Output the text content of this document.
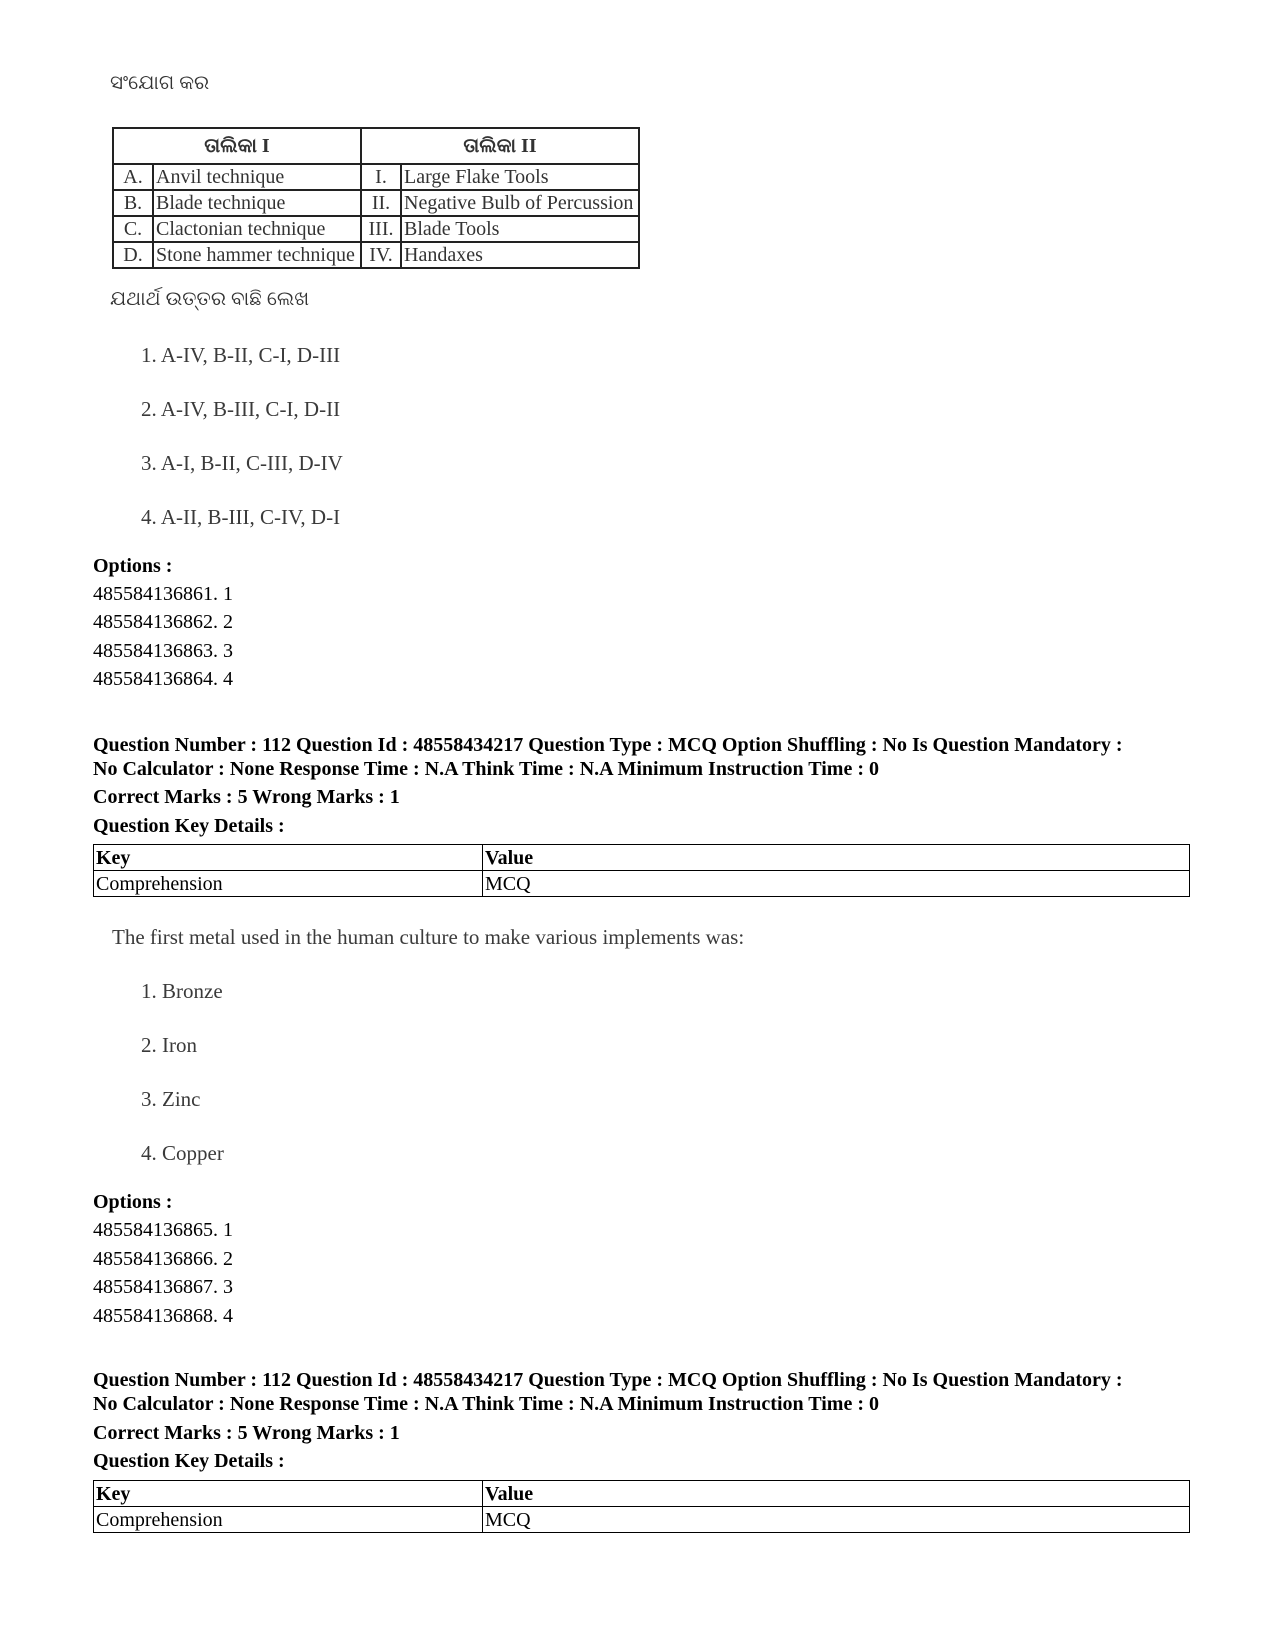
ସଂଯୋଗ କର
ତାଲିକା I		ତାଲିକା II	
A.	Anvil technique	I.	Large Flake Tools
B.	Blade technique	II.	Negative Bulb of Percussion
C.	Clactonian technique	III.	Blade Tools
D.	Stone hammer technique	IV.	Handaxes
ଯଥାର୍ଥ ଉତ୍ତର ବାଛି ଲେଖ
1. A-IV, B-II, C-I, D-III
2. A-IV, B-III, C-I, D-II
3. A-I, B-II, C-III, D-IV
4. A-II, B-III, C-IV, D-I
Options :
485584136861. 1
485584136862. 2
485584136863. 3
485584136864. 4
Question Number : 112 Question Id : 48558434217 Question Type : MCQ Option Shuffling : No Is Question Mandatory :
No Calculator : None Response Time : N.A Think Time : N.A Minimum Instruction Time : 0
Correct Marks : 5 Wrong Marks : 1
Question Key Details :
Key	Value
Comprehension	MCQ
The first metal used in the human culture to make various implements was:
1. Bronze
2. Iron
3. Zinc
4. Copper
Options :
485584136865. 1
485584136866. 2
485584136867. 3
485584136868. 4
Question Number : 112 Question Id : 48558434217 Question Type : MCQ Option Shuffling : No Is Question Mandatory :
No Calculator : None Response Time : N.A Think Time : N.A Minimum Instruction Time : 0
Correct Marks : 5 Wrong Marks : 1
Question Key Details :
Key	Value
Comprehension	MCQ
